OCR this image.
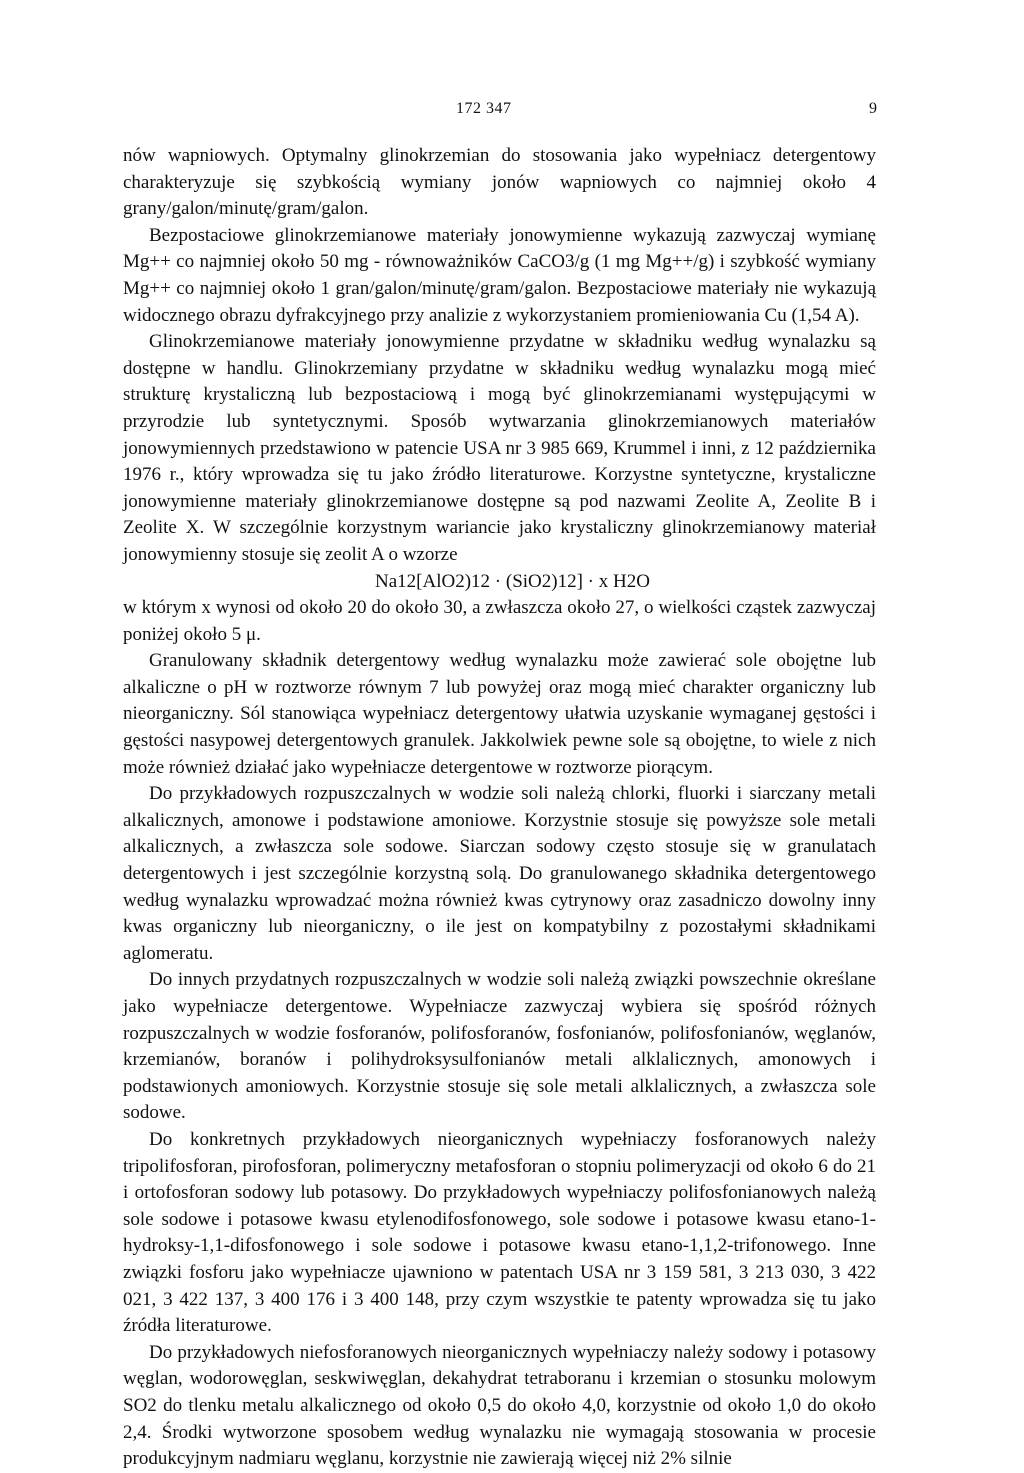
172 347	9

nów wapniowych. Optymalny glinokrzemian do stosowania jako wypełniacz detergentowy charakteryzuje się szybkością wymiany jonów wapniowych co najmniej około 4 grany/galon/minutę/gram/galon.

Bezpostaciowe glinokrzemianowe materiały jonowymienne wykazują zazwyczaj wymianę Mg++ co najmniej około 50 mg - równoważników CaCO3/g (1 mg Mg++/g) i szybkość wymiany Mg++ co najmniej około 1 gran/galon/minutę/gram/galon. Bezpostaciowe materiały nie wykazują widocznego obrazu dyfrakcyjnego przy analizie z wykorzystaniem promieniowania Cu (1,54 A).

Glinokrzemianowe materiały jonowymienne przydatne w składniku według wynalazku są dostępne w handlu. Glinokrzemiany przydatne w składniku według wynalazku mogą mieć strukturę krystaliczną lub bezpostaciową i mogą być glinokrzemianami występującymi w przyrodzie lub syntetycznymi. Sposób wytwarzania glinokrzemianowych materiałów jonowymiennych przedstawiono w patencie USA nr 3 985 669, Krummel i inni, z 12 października 1976 r., który wprowadza się tu jako źródło literaturowe. Korzystne syntetyczne, krystaliczne jonowymienne materiały glinokrzemianowe dostępne są pod nazwami Zeolite A, Zeolite B i Zeolite X. W szczególnie korzystnym wariancie jako krystaliczny glinokrzemianowy materiał jonowymienny stosuje się zeolit A o wzorze

Na12[AlO2)12 · (SiO2)12] · x H2O

w którym x wynosi od około 20 do około 30, a zwłaszcza około 27, o wielkości cząstek zazwyczaj poniżej około 5 μ.

Granulowany składnik detergentowy według wynalazku może zawierać sole obojętne lub alkaliczne o pH w roztworze równym 7 lub powyżej oraz mogą mieć charakter organiczny lub nieorganiczny. Sól stanowiąca wypełniacz detergentowy ułatwia uzyskanie wymaganej gęstości i gęstości nasypowej detergentowych granulek. Jakkolwiek pewne sole są obojętne, to wiele z nich może również działać jako wypełniacze detergentowe w roztworze piorącym.

Do przykładowych rozpuszczalnych w wodzie soli należą chlorki, fluorki i siarczany metali alkalicznych, amonowe i podstawione amoniowe. Korzystnie stosuje się powyższe sole metali alkalicznych, a zwłaszcza sole sodowe. Siarczan sodowy często stosuje się w granulatach detergentowych i jest szczególnie korzystną solą. Do granulowanego składnika detergentowego według wynalazku wprowadzać można również kwas cytrynowy oraz zasadniczo dowolny inny kwas organiczny lub nieorganiczny, o ile jest on kompatybilny z pozostałymi składnikami aglomeratu.

Do innych przydatnych rozpuszczalnych w wodzie soli należą związki powszechnie określane jako wypełniacze detergentowe. Wypełniacze zazwyczaj wybiera się spośród różnych rozpuszczalnych w wodzie fosforanów, polifosforanów, fosfonianów, polifosfonianów, węglanów, krzemianów, boranów i polihydroksysulfonianów metali alklalicznych, amonowych i podstawionych amoniowych. Korzystnie stosuje się sole metali alklalicznych, a zwłaszcza sole sodowe.

Do konkretnych przykładowych nieorganicznych wypełniaczy fosforanowych należy tripolifosforan, pirofosforan, polimeryczny metafosforan o stopniu polimeryzacji od około 6 do 21 i ortofosforan sodowy lub potasowy. Do przykładowych wypełniaczy polifosfonianowych należą sole sodowe i potasowe kwasu etylenodifosfonowego, sole sodowe i potasowe kwasu etano-1-hydroksy-1,1-difosfonowego i sole sodowe i potasowe kwasu etano-1,1,2-trifonowego. Inne związki fosforu jako wypełniacze ujawniono w patentach USA nr 3 159 581, 3 213 030, 3 422 021, 3 422 137, 3 400 176 i 3 400 148, przy czym wszystkie te patenty wprowadza się tu jako źródła literaturowe.

Do przykładowych niefosforanowych nieorganicznych wypełniaczy należy sodowy i potasowy węglan, wodorowęglan, seskwiwęglan, dekahydrat tetraboranu i krzemian o stosunku molowym SO2 do tlenku metalu alkalicznego od około 0,5 do około 4,0, korzystnie od około 1,0 do około 2,4. Środki wytworzone sposobem według wynalazku nie wymagają stosowania w procesie produkcyjnym nadmiaru węglanu, korzystnie nie zawierają więcej niż 2% silnie
